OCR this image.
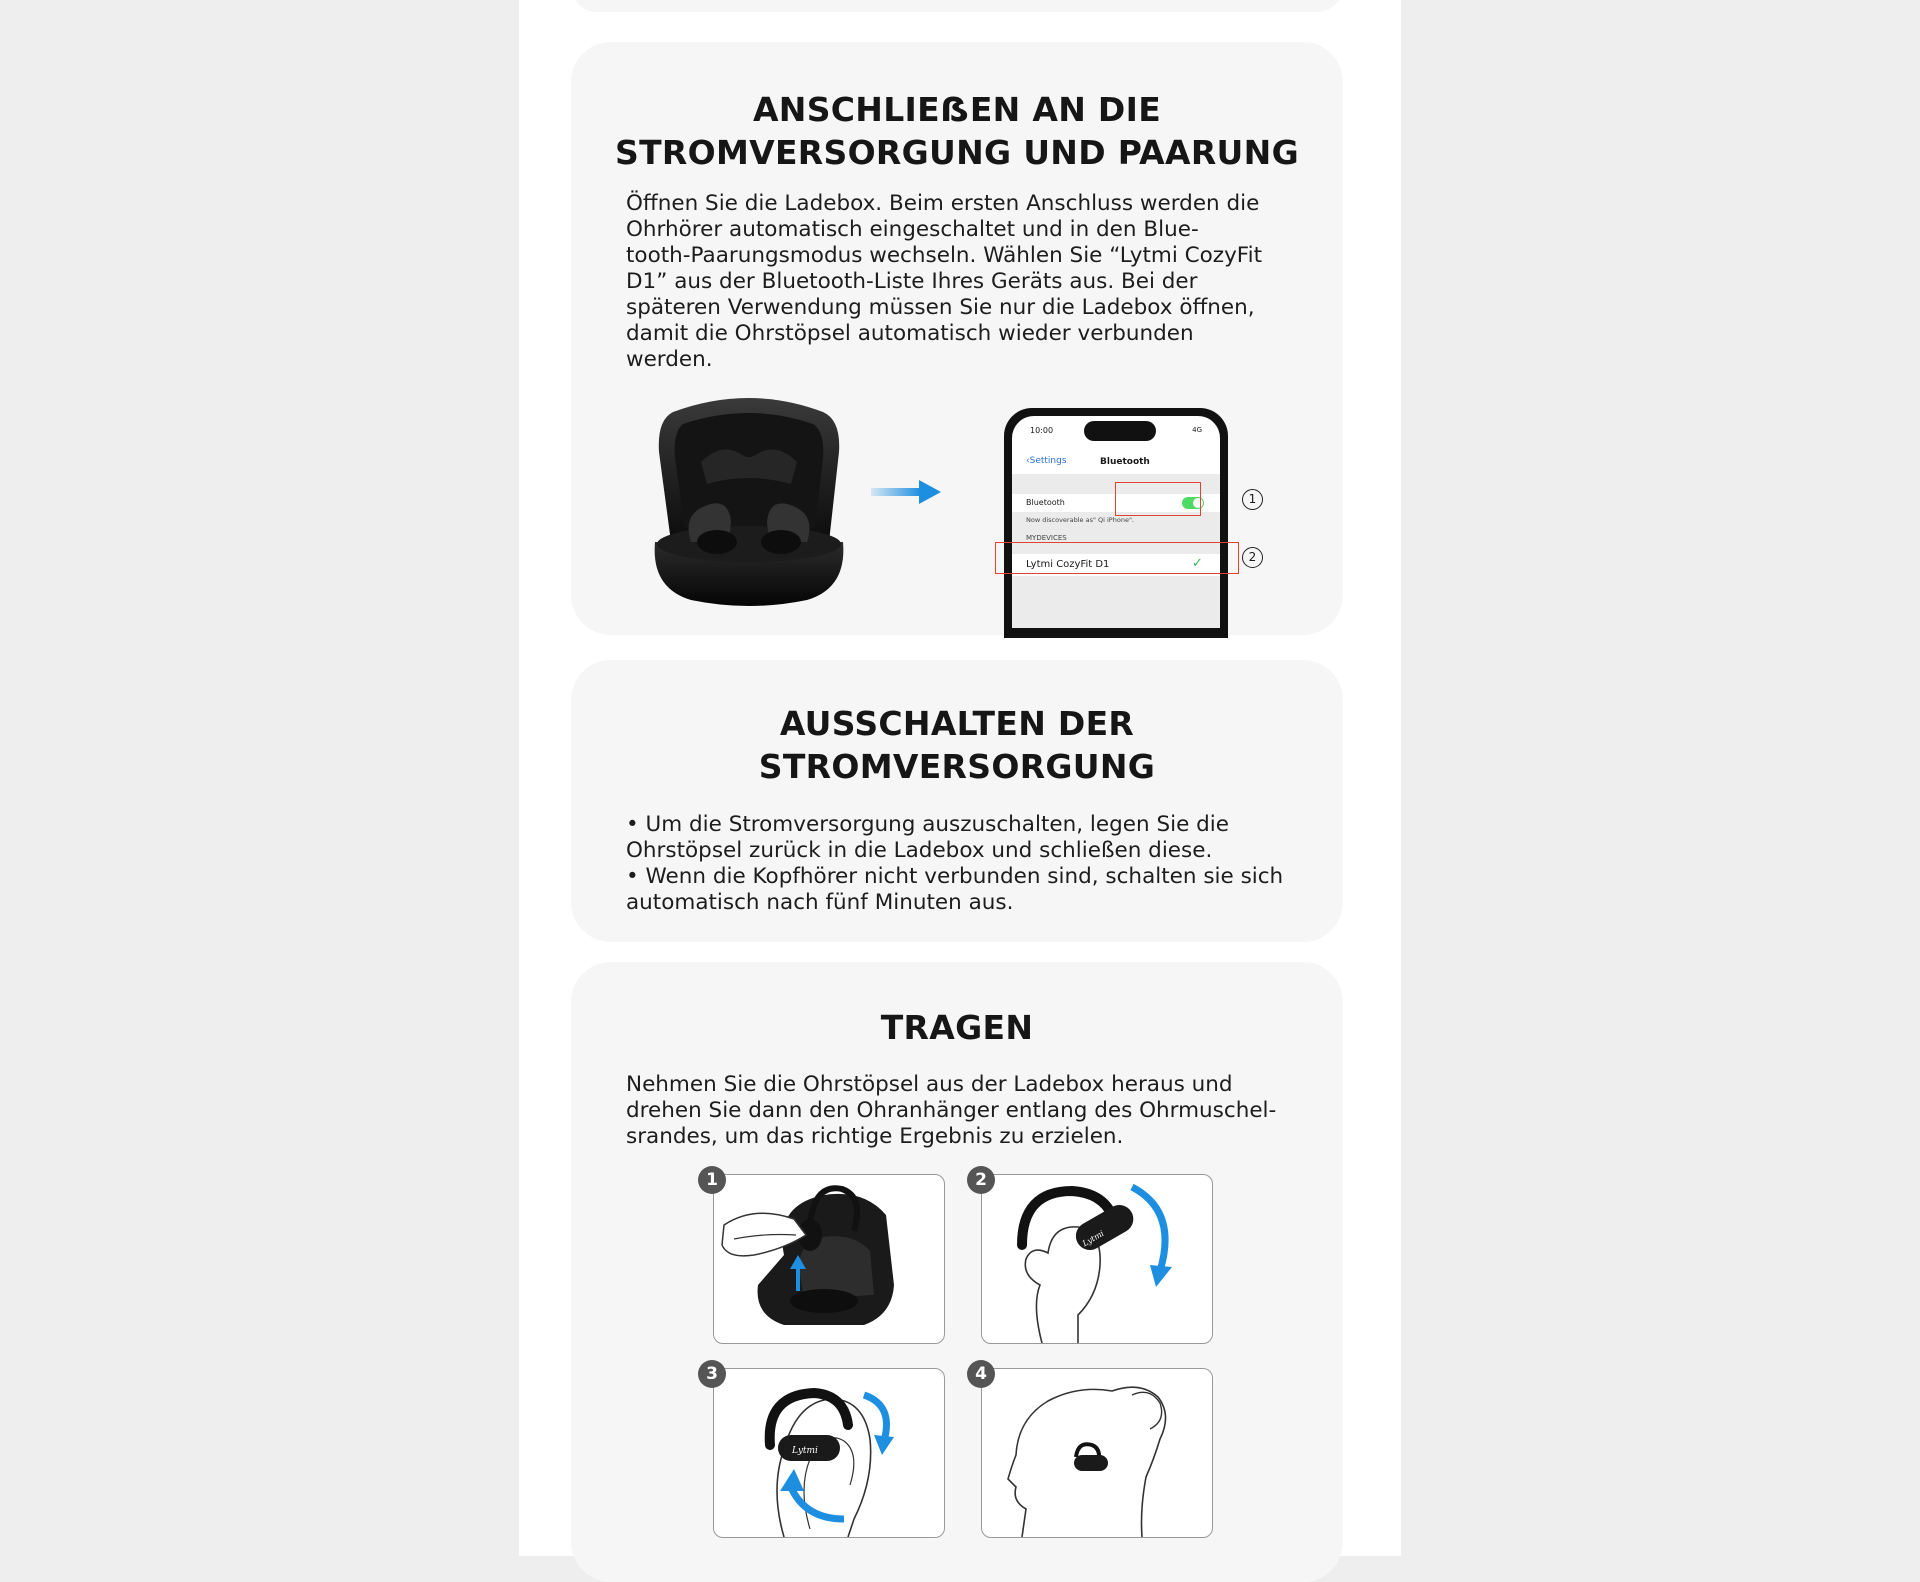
ANSCHLIEẞEN AN DIE
STROMVERSORGUNG UND PAARUNG

Öffnen Sie die Ladebox. Beim ersten Anschluss werden die
Ohrhörer automatisch eingeschaltet und in den Blue-
tooth-Paarungsmodus wechseln. Wählen Sie “Lytmi CozyFit
D1” aus der Bluetooth-Liste Ihres Geräts aus. Bei der
späteren Verwendung müssen Sie nur die Ladebox öffnen,
damit die Ohrstöpsel automatisch wieder verbunden
werden.

10:00	4G
‹Settings	Bluetooth
Bluetooth
Now discoverable as" Qi iPhone".
MYDEVICES
Lytmi CozyFit D1	✓
1
2
AUSSCHALTEN DER
STROMVERSORGUNG

• Um die Stromversorgung auszuschalten, legen Sie die
Ohrstöpsel zurück in die Ladebox und schließen diese.
• Wenn die Kopfhörer nicht verbunden sind, schalten sie sich
automatisch nach fünf Minuten aus.

TRAGEN

Nehmen Sie die Ohrstöpsel aus der Ladebox heraus und
drehen Sie dann den Ohranhänger entlang des Ohrmuschel-
srandes, um das richtige Ergebnis zu erzielen.

1
Lytmi
2
Lytmi
3	4
